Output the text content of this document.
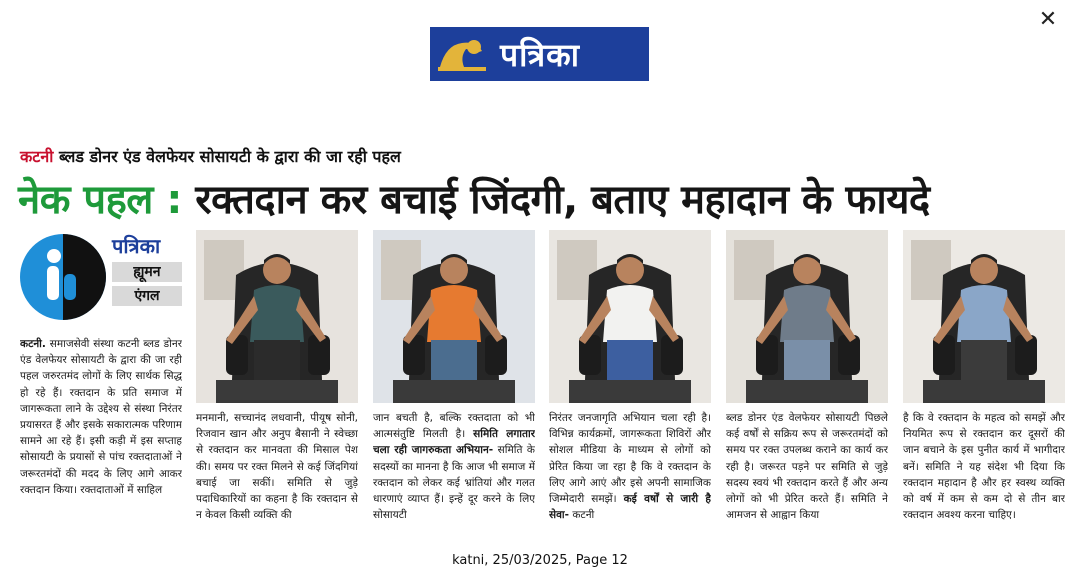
✕
पत्रिका
कटनी ब्लड डोनर एंड वेलफेयर सोसायटी के द्वारा की जा रही पहल
नेक पहल : रक्तदान कर बचाई जिंदगी, बताए महादान के फायदे
पत्रिका
ह्यूमन
एंगल
कटनी. समाजसेवी संस्था कटनी ब्लड डोनर एंड वेलफेयर सोसायटी के द्वारा की जा रही पहल जरुरतमंद लोगों के लिए सार्थक सिद्ध हो रहे हैं। रक्तदान के प्रति समाज में जागरूकता लाने के उद्देश्य से संस्था निरंतर प्रयासरत हैं और इसके सकारात्मक परिणाम सामने आ रहे हैं। इसी कड़ी में इस सप्ताह सोसायटी के प्रयासों से पांच रक्तदाताओं ने जरूरतमंदों की मदद के लिए आगे आकर रक्तदान किया। रक्तदाताओं में साहिल
मनमानी, सच्चानंद लधवानी, पीयूष सोनी, रिजवान खान और अनुप बैसानी ने स्वेच्छा से रक्तदान कर मानवता की मिसाल पेश की। समय पर रक्त मिलने से कई जिंदगियां बचाई जा सकीं। समिति से जुड़े पदाधिकारियों का कहना है कि रक्तदान से न केवल किसी व्यक्ति की
जान बचती है, बल्कि रक्तदाता को भी आत्मसंतुष्टि मिलती है। समिति लगातार चला रही जागरुकता अभियान- समिति के सदस्यों का मानना है कि आज भी समाज में रक्तदान को लेकर कई भ्रांतियां और गलत धारणाएं व्याप्त हैं। इन्हें दूर करने के लिए सोसायटी
निरंतर जनजागृति अभियान चला रही है। विभिन्न कार्यक्रमों, जागरूकता शिविरों और सोशल मीडिया के माध्यम से लोगों को प्रेरित किया जा रहा है कि वे रक्तदान के लिए आगे आएं और इसे अपनी सामाजिक जिम्मेदारी समझें। कई वर्षों से जारी है सेवा- कटनी
ब्लड डोनर एंड वेलफेयर सोसायटी पिछले कई वर्षों से सक्रिय रूप से जरूरतमंदों को समय पर रक्त उपलब्ध कराने का कार्य कर रही है। जरूरत पड़ने पर समिति से जुड़े सदस्य स्वयं भी रक्तदान करते हैं और अन्य लोगों को भी प्रेरित करते हैं। समिति ने आमजन से आह्वान किया
है कि वे रक्तदान के महत्व को समझें और नियमित रूप से रक्तदान कर दूसरों की जान बचाने के इस पुनीत कार्य में भागीदार बनें। समिति ने यह संदेश भी दिया कि रक्तदान महादान है और हर स्वस्थ व्यक्ति को वर्ष में कम से कम दो से तीन बार रक्तदान अवश्य करना चाहिए।
katni, 25/03/2025, Page 12
